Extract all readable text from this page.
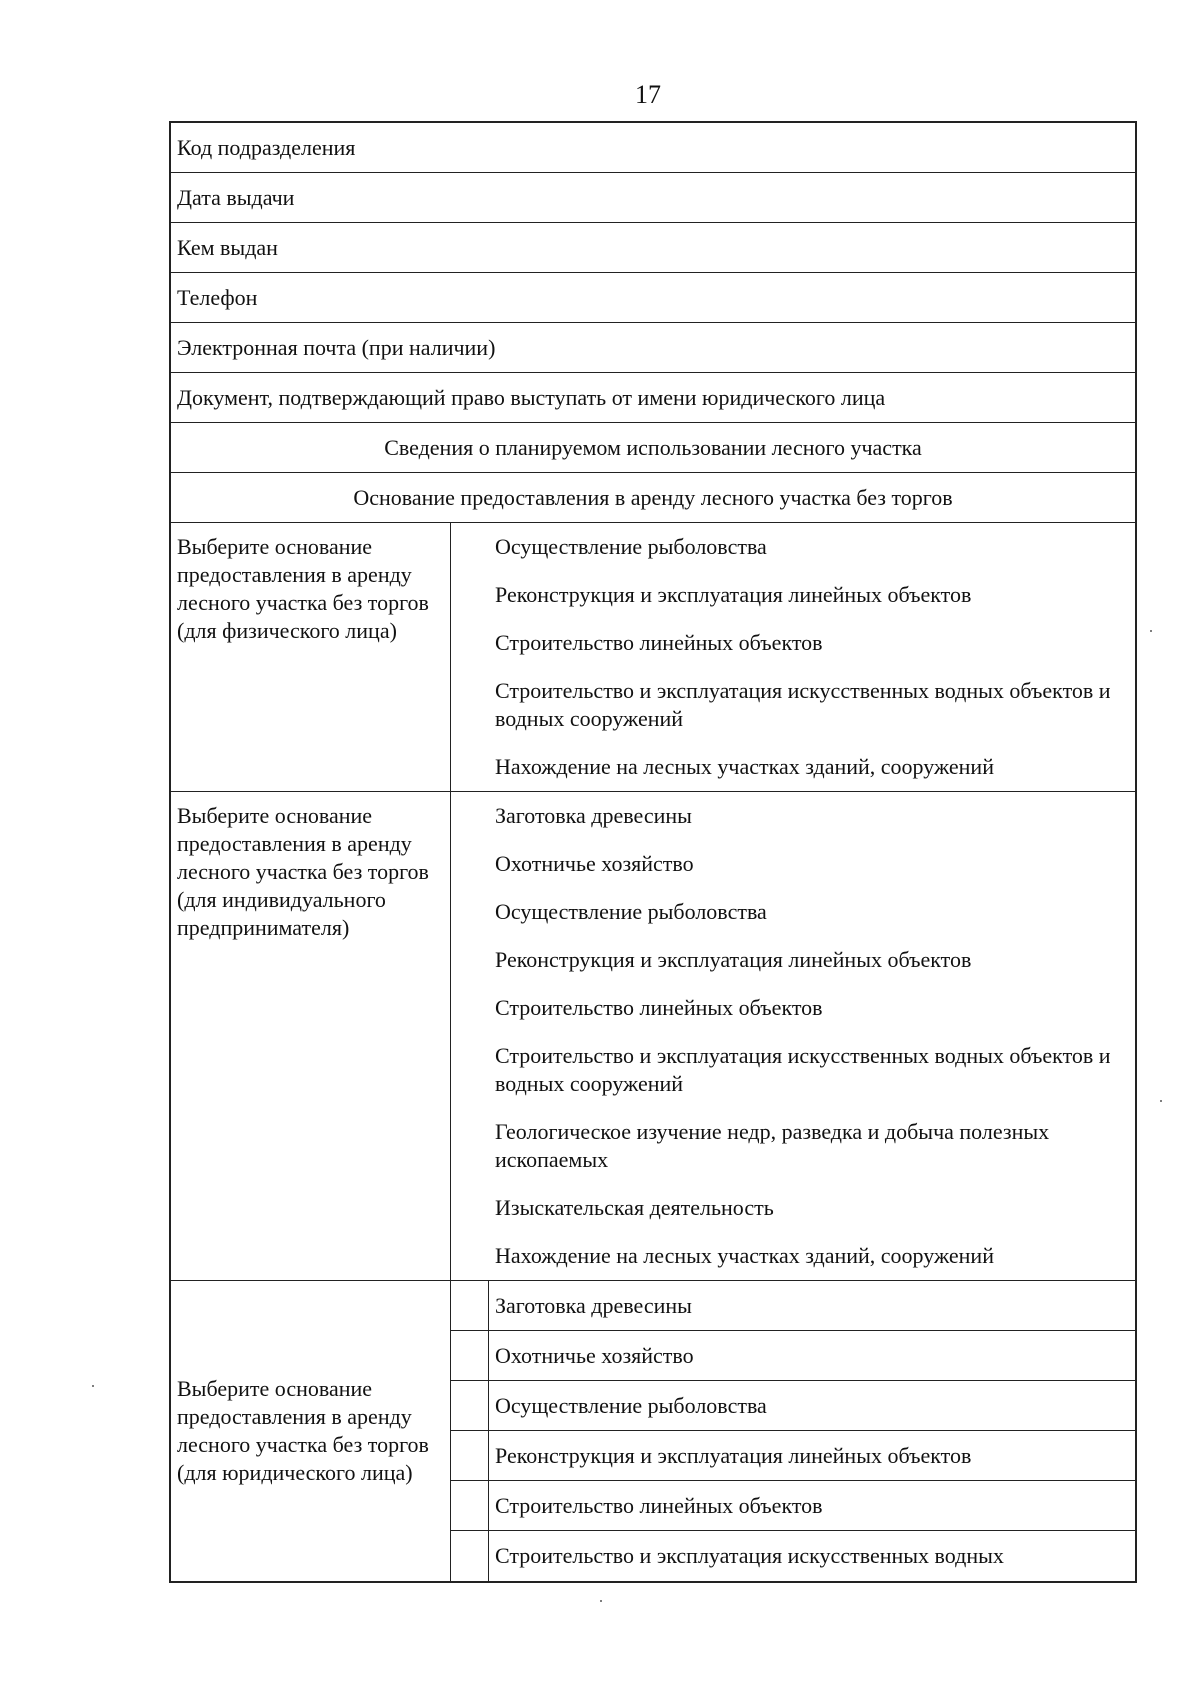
17
Код подразделения
Дата выдачи
Кем выдан
Телефон
Электронная почта (при наличии)
Документ, подтверждающий право выступать от имени юридического лица
Сведения о планируемом использовании лесного участка
Основание предоставления в аренду лесного участка без торгов
Выберите основание предоставления в аренду лесного участка без торгов (для физического лица)
Осуществление рыболовства
Реконструкция и эксплуатация линейных объектов
Строительство линейных объектов
Строительство и эксплуатация искусственных водных объектов и водных сооружений
Нахождение на лесных участках зданий, сооружений
Выберите основание предоставления в аренду лесного участка без торгов (для индивидуального предпринимателя)
Заготовка древесины
Охотничье хозяйство
Осуществление рыболовства
Реконструкция и эксплуатация линейных объектов
Строительство линейных объектов
Строительство и эксплуатация искусственных водных объектов и водных сооружений
Геологическое изучение недр, разведка и добыча полезных ископаемых
Изыскательская деятельность
Нахождение на лесных участках зданий, сооружений
Выберите основание предоставления в аренду лесного участка без торгов (для юридического лица)
Заготовка древесины
Охотничье хозяйство
Осуществление рыболовства
Реконструкция и эксплуатация линейных объектов
Строительство линейных объектов
Строительство и эксплуатация искусственных водных
